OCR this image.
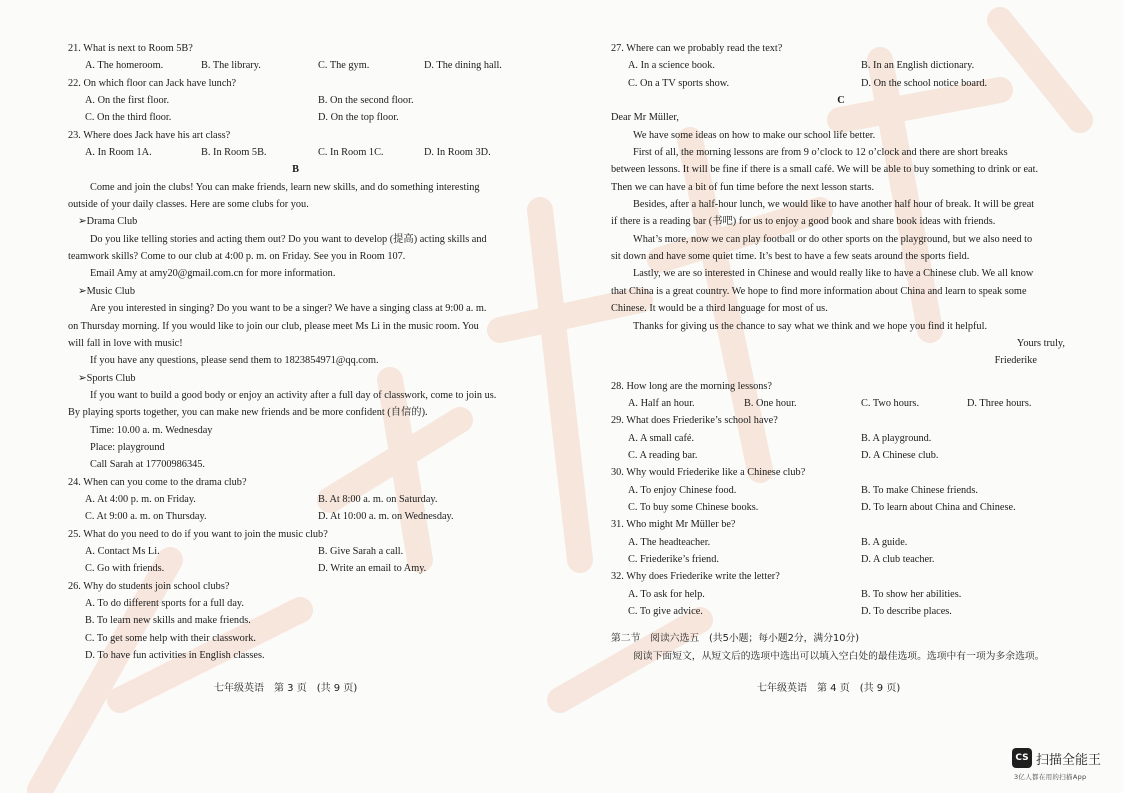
21. What is next to Room 5B?
A. The homeroom.	B. The library.	C. The gym.	D. The dining hall.
22. On which floor can Jack have lunch?
A. On the first floor.	B. On the second floor.
C. On the third floor.	D. On the top floor.
23. Where does Jack have his art class?
A. In Room 1A.	B. In Room 5B.	C. In Room 1C.	D. In Room 3D.
B
Come and join the clubs! You can make friends, learn new skills, and do something interesting
outside of your daily classes. Here are some clubs for you.
➢Drama Club
Do you like telling stories and acting them out? Do you want to develop (提高) acting skills and
teamwork skills? Come to our club at 4:00 p. m. on Friday. See you in Room 107.
Email Amy at amy20@gmail.com.cn for more information.
➢Music Club
Are you interested in singing? Do you want to be a singer? We have a singing class at 9:00 a. m.
on Thursday morning. If you would like to join our club, please meet Ms Li in the music room. You
will fall in love with music!
If you have any questions, please send them to 1823854971@qq.com.
➢Sports Club
If you want to build a good body or enjoy an activity after a full day of classwork, come to join us.
By playing sports together, you can make new friends and be more confident (自信的).
Time: 10.00 a. m. Wednesday
Place: playground
Call Sarah at 17700986345.
24. When can you come to the drama club?
A. At 4:00 p. m. on Friday.	B. At 8:00 a. m. on Saturday.
C. At 9:00 a. m. on Thursday.	D. At 10:00 a. m. on Wednesday.
25. What do you need to do if you want to join the music club?
A. Contact Ms Li.	B. Give Sarah a call.
C. Go with friends.	D. Write an email to Amy.
26. Why do students join school clubs?
A. To do different sports for a full day.
B. To learn new skills and make friends.
C. To get some help with their classwork.
D. To have fun activities in English classes.
七年级英语　第 3 页　(共 9 页)
27. Where can we probably read the text?
A. In a science book.	B. In an English dictionary.
C. On a TV sports show.	D. On the school notice board.
C
Dear Mr Müller,
We have some ideas on how to make our school life better.
First of all, the morning lessons are from 9 o’clock to 12 o’clock and there are short breaks
between lessons. It will be fine if there is a small café. We will be able to buy something to drink or eat.
Then we can have a bit of fun time before the next lesson starts.
Besides, after a half-hour lunch, we would like to have another half hour of break. It will be great
if there is a reading bar (书吧) for us to enjoy a good book and share book ideas with friends.
What’s more, now we can play football or do other sports on the playground, but we also need to
sit down and have some quiet time. It’s best to have a few seats around the sports field.
Lastly, we are so interested in Chinese and would really like to have a Chinese club. We all know
that China is a great country. We hope to find more information about China and learn to speak some
Chinese. It would be a third language for most of us.
Thanks for giving us the chance to say what we think and we hope you find it helpful.
Yours truly,
Friederike
28. How long are the morning lessons?
A. Half an hour.	B. One hour.	C. Two hours.	D. Three hours.
29. What does Friederike’s school have?
A. A small café.	B. A playground.
C. A reading bar.	D. A Chinese club.
30. Why would Friederike like a Chinese club?
A. To enjoy Chinese food.	B. To make Chinese friends.
C. To buy some Chinese books.	D. To learn about China and Chinese.
31. Who might Mr Müller be?
A. The headteacher.	B. A guide.
C. Friederike’s friend.	D. A club teacher.
32. Why does Friederike write the letter?
A. To ask for help.	B. To show her abilities.
C. To give advice.	D. To describe places.
第二节　阅读六选五　(共5小题；每小题2分，满分10分)
阅读下面短文，从短文后的选项中选出可以填入空白处的最佳选项。选项中有一项为多余选项。
七年级英语　第 4 页　(共 9 页)
CS 扫描全能王
3亿人都在用的扫描App
